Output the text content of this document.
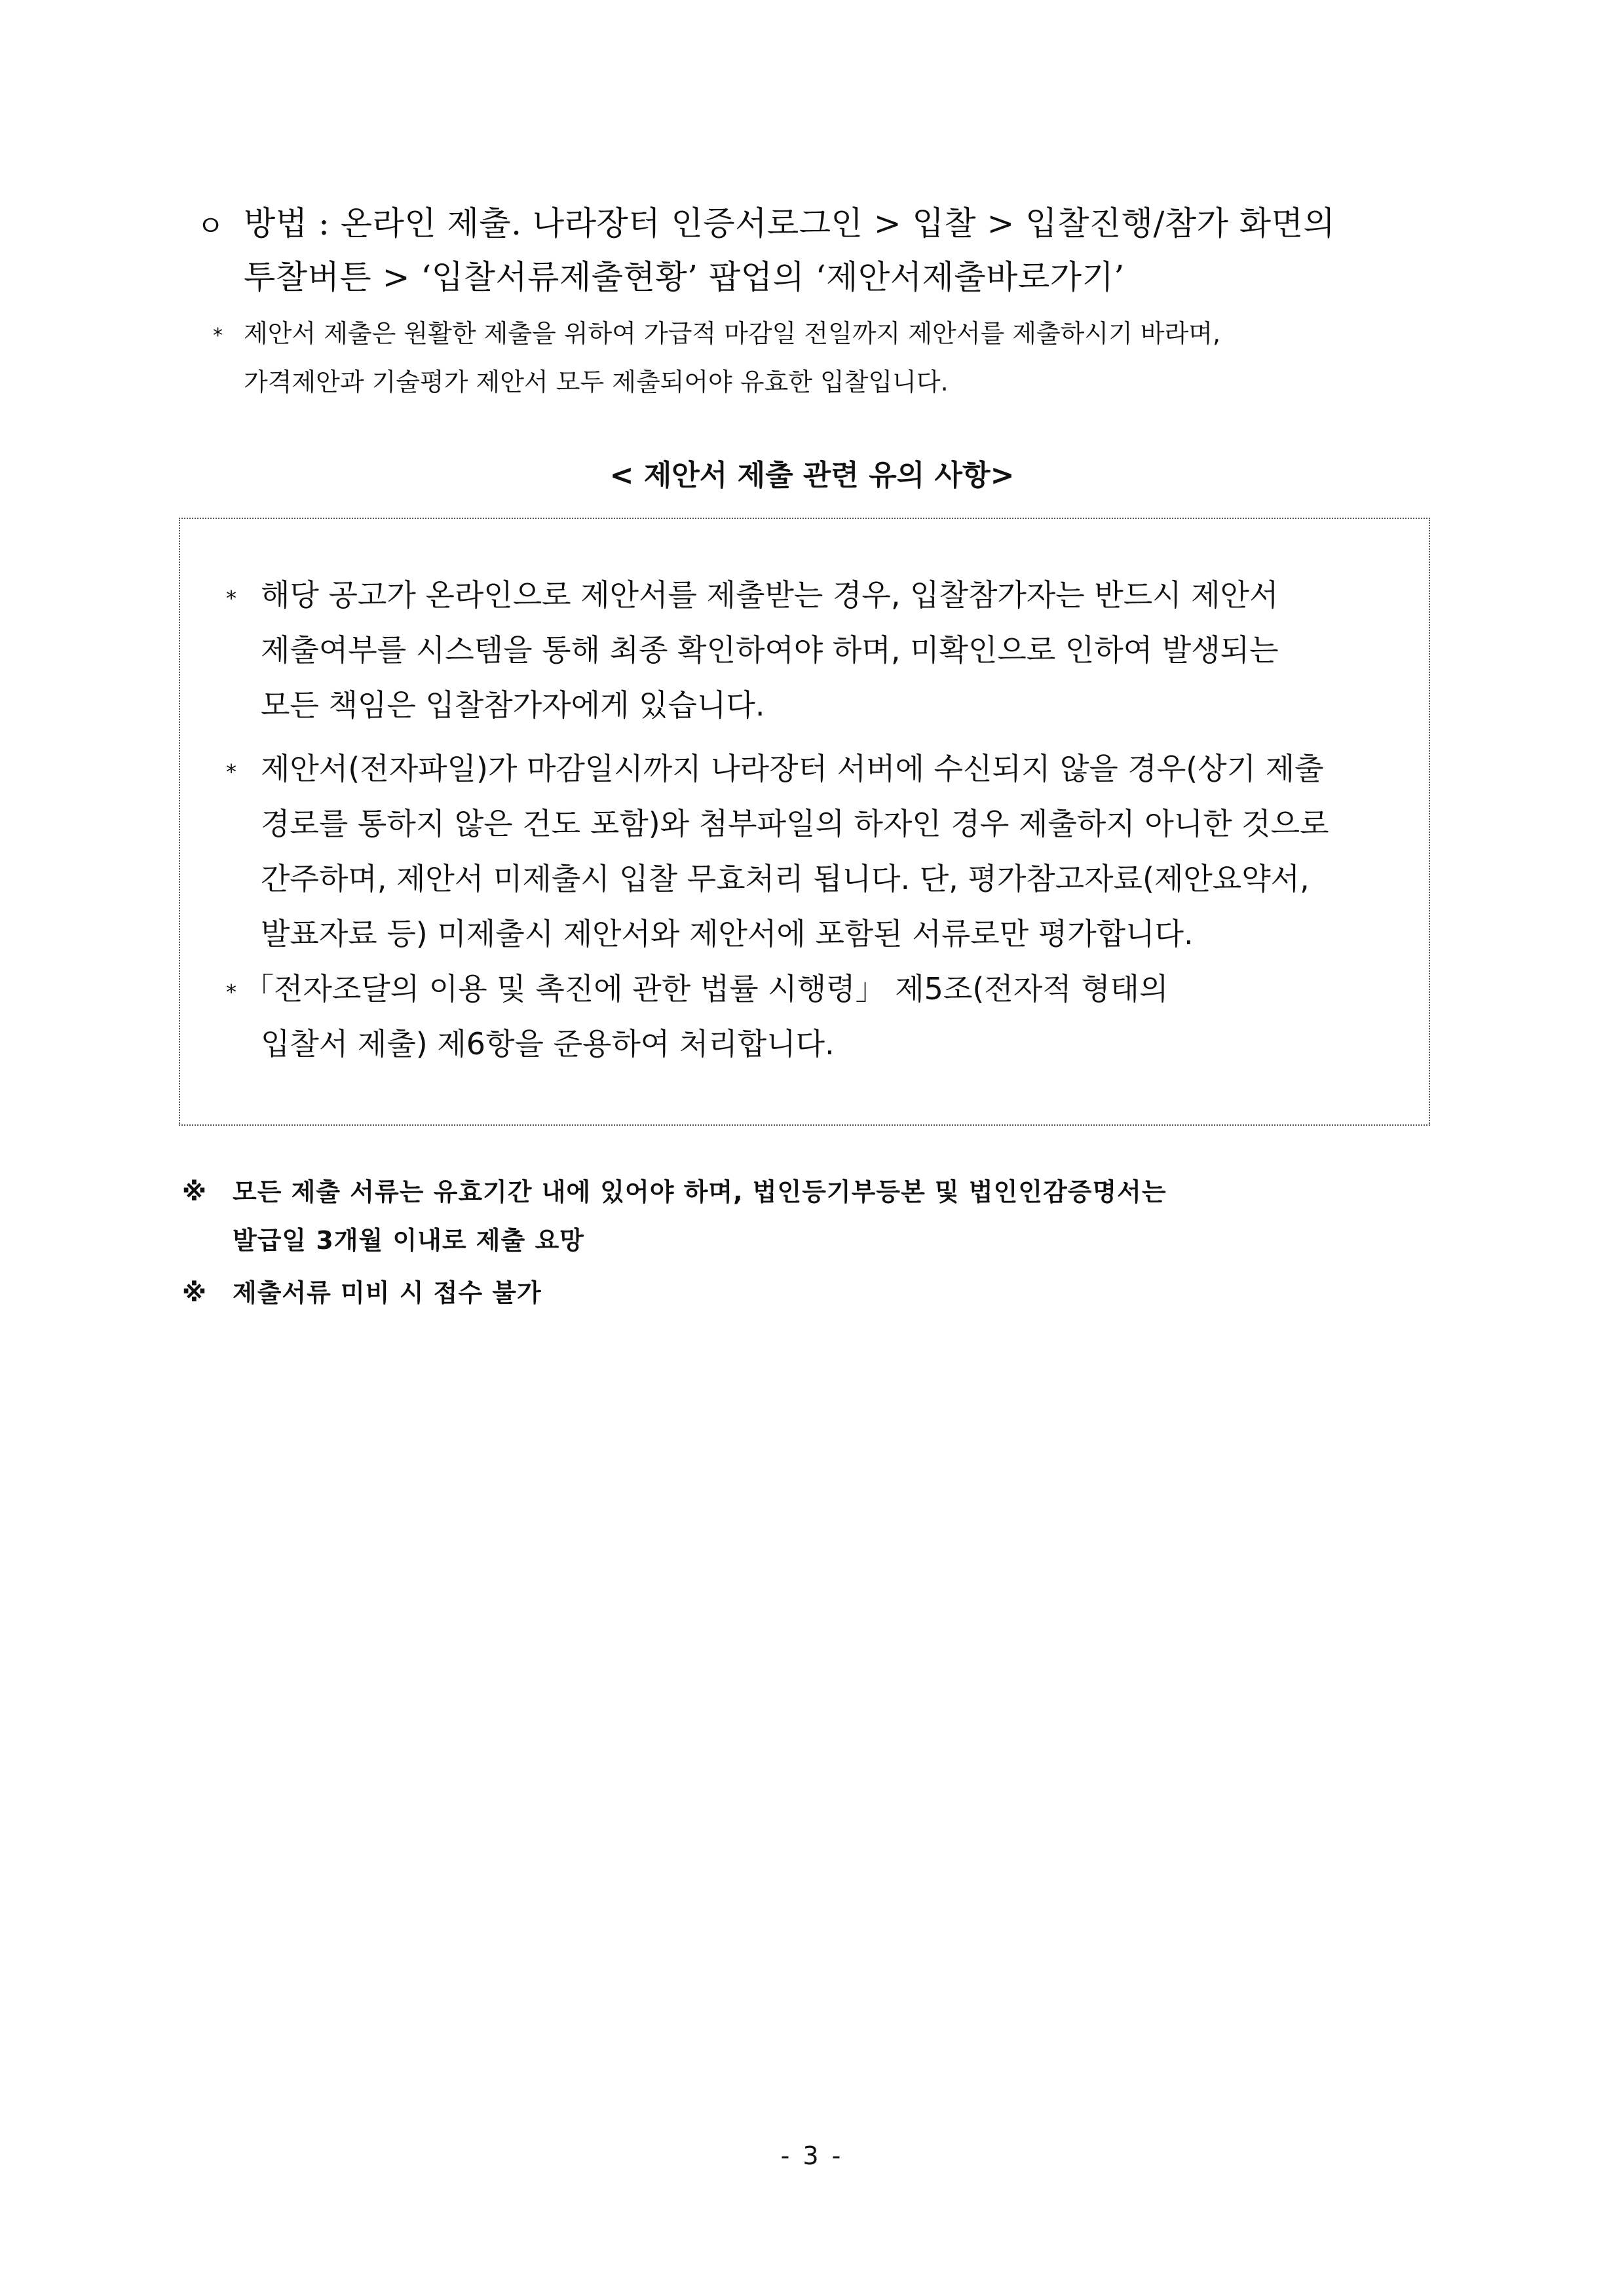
ㅇ 방법 : 온라인 제출. 나라장터 인증서로그인 > 입찰 > 입찰진행/참가 화면의
투찰버튼 > ‘입찰서류제출현황’ 팝업의 ‘제안서제출바로가기’
* 제안서 제출은 원활한 제출을 위하여 가급적 마감일 전일까지 제안서를 제출하시기 바라며,
가격제안과 기술평가 제안서 모두 제출되어야 유효한 입찰입니다.
< 제안서 제출 관련 유의 사항>
* 해당 공고가 온라인으로 제안서를 제출받는 경우, 입찰참가자는 반드시 제안서
제출여부를 시스템을 통해 최종 확인하여야 하며, 미확인으로 인하여 발생되는
모든 책임은 입찰참가자에게 있습니다.
* 제안서(전자파일)가 마감일시까지 나라장터 서버에 수신되지 않을 경우(상기 제출
경로를 통하지 않은 건도 포함)와 첨부파일의 하자인 경우 제출하지 아니한 것으로
간주하며, 제안서 미제출시 입찰 무효처리 됩니다. 단, 평가참고자료(제안요약서,
발표자료 등) 미제출시 제안서와 제안서에 포함된 서류로만 평가합니다.
* 「전자조달의 이용 및 촉진에 관한 법률 시행령」 제5조(전자적 형태의
입찰서 제출) 제6항을 준용하여 처리합니다.
※ 모든 제출 서류는 유효기간 내에 있어야 하며, 법인등기부등본 및 법인인감증명서는
발급일 3개월 이내로 제출 요망
※ 제출서류 미비 시 접수 불가
- 3 -
